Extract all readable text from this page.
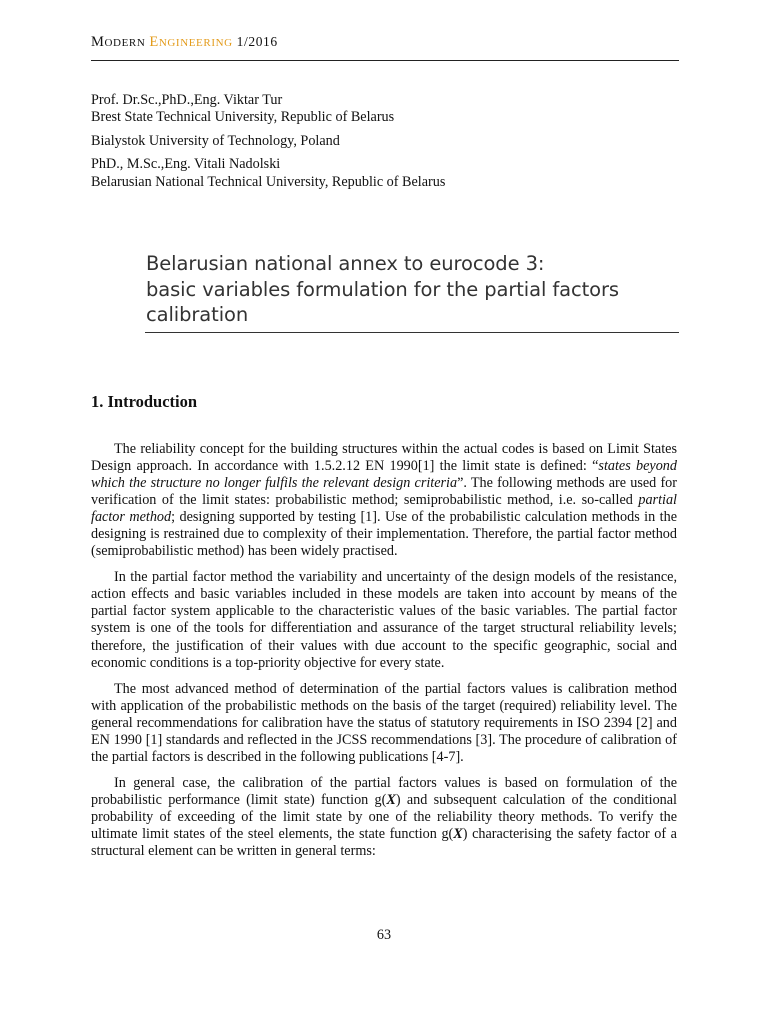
MODERN ENGINEERING 1/2016
Prof. Dr.Sc.,PhD.,Eng. Viktar Tur
Brest State Technical University, Republic of Belarus
Bialystok University of Technology, Poland
PhD., M.Sc.,Eng. Vitali Nadolski
Belarusian National Technical University, Republic of Belarus
Belarusian national annex to eurocode 3:
basic variables formulation for the partial factors
calibration
1. Introduction

The reliability concept for the building structures within the actual codes is based on Limit States Design approach. In accordance with 1.5.2.12 EN 1990[1] the limit state is defined: “states beyond which the structure no longer fulfils the relevant design criteria”. The following methods are used for verification of the limit states: probabilistic method; semiprobabilistic method, i.e. so-called partial factor method; designing supported by testing [1]. Use of the probabilistic calculation methods in the designing is restrained due to complexity of their implementation. Therefore, the partial factor method (semiprobabilistic method) has been widely practised.

In the partial factor method the variability and uncertainty of the design models of the resistance, action effects and basic variables included in these models are taken into account by means of the partial factor system applicable to the characteristic values of the basic variables. The partial factor system is one of the tools for differentiation and assurance of the target structural reliability levels; therefore, the justification of their values with due account to the specific geographic, social and economic conditions is a top-priority objective for every state.

The most advanced method of determination of the partial factors values is calibration method with application of the probabilistic methods on the basis of the target (required) reliability level. The general recommendations for calibration have the status of statutory requirements in ISO 2394 [2] and EN 1990 [1] standards and reflected in the JCSS recommendations [3]. The procedure of calibration of the partial factors is described in the following publications [4-7].

In general case, the calibration of the partial factors values is based on formulation of the probabilistic performance (limit state) function g(X) and subsequent calculation of the conditional probability of exceeding of the limit state by one of the reliability theory methods. To verify the ultimate limit states of the steel elements, the state function g(X) characterising the safety factor of a structural element can be written in general terms:

63
